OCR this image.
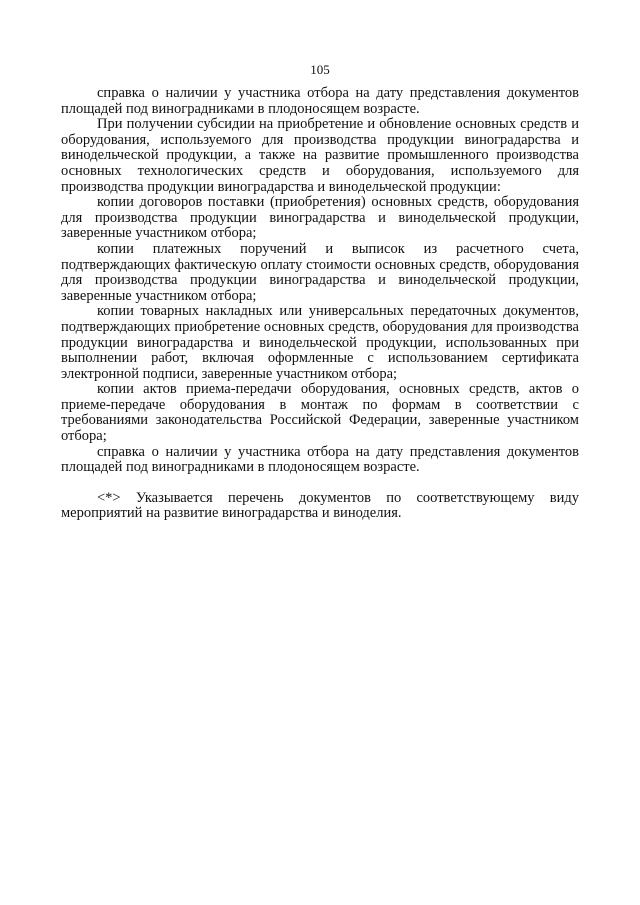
105

справка о наличии у участника отбора на дату представления документов площадей под виноградниками в плодоносящем возрасте.

При получении субсидии на приобретение и обновление основных средств и оборудования, используемого для производства продукции виноградарства и винодельческой продукции, а также на развитие промышленного производства основных технологических средств и оборудования, используемого для производства продукции виноградарства и винодельческой продукции:

копии договоров поставки (приобретения) основных средств, оборудования для производства продукции виноградарства и винодельческой продукции, заверенные участником отбора;

копии платежных поручений и выписок из расчетного счета, подтверждающих фактическую оплату стоимости основных средств, оборудования для производства продукции виноградарства и винодельческой продукции, заверенные участником отбора;

копии товарных накладных или универсальных передаточных документов, подтверждающих приобретение основных средств, оборудования для производства продукции виноградарства и винодельческой продукции, использованных при выполнении работ, включая оформленные с использованием сертификата электронной подписи, заверенные участником отбора;

копии актов приема-передачи оборудования, основных средств, актов о приеме-передаче оборудования в монтаж по формам в соответствии с требованиями законодательства Российской Федерации, заверенные участником отбора;

справка о наличии у участника отбора на дату представления документов площадей под виноградниками в плодоносящем возрасте.

<*> Указывается перечень документов по соответствующему виду мероприятий на развитие виноградарства и виноделия.
